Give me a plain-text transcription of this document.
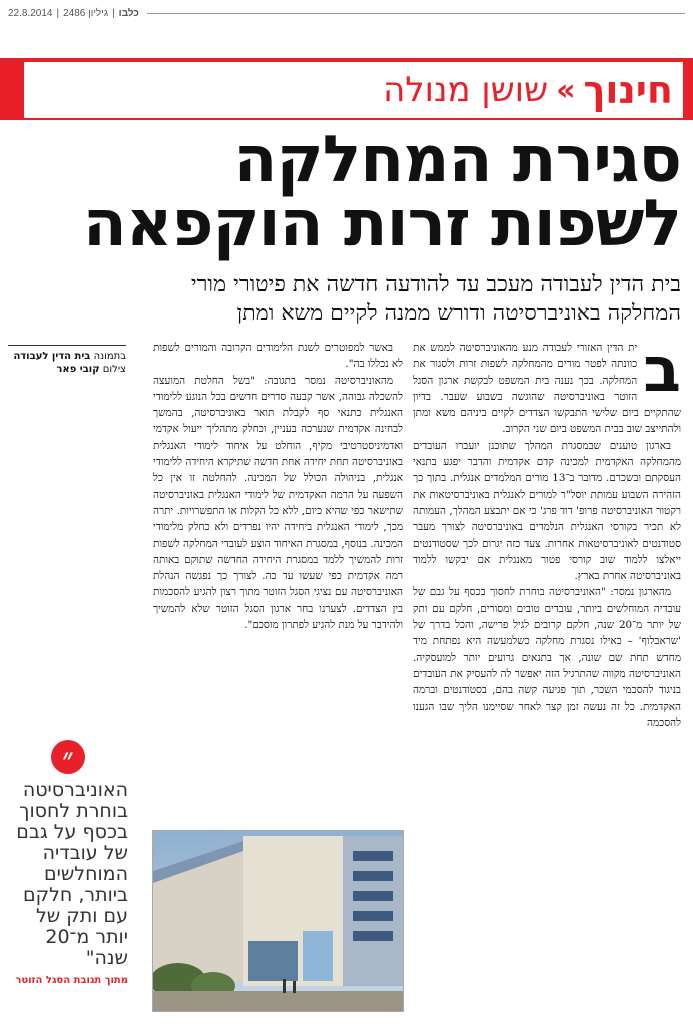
22.8.2014 | גיליון 2486 | כלבו
חינוך
»
שושן מנולה
סגירת המחלקה
לשפות זרות הוקפאה
בית הדין לעבודה מעכב עד להודעה חדשה את פיטורי מורי
המחלקה באוניברסיטה ודורש ממנה לקיים משא ומתן
ב

ית הדין האזורי לעבודה מנע מהאוניברסיטה לממש את כוונתה לפטר מורים מהמחלקה לשפות זרות ולסגור את המחלקה. בכך נענה בית המשפט לבקשת ארגון הסגל הזוטר באוניברסיטה שהוגשה בשבוע שעבר. בדיון שהתקיים ביום שלישי התבקשו הצדדים לקיים ביניהם משא ומתן ולהתייצב שוב בבית המשפט ביום שני הקרוב.

בארגון טוענים שבמסגרת המהלך שתוכנן יועברו העובדים מהמחלקה האקדמית למכינה קדם אקדמית והדבר יפגע בתנאי העסקתם ובשכרם. מדובר ב־13 מורים המלמדים אנגלית. בתוך כך הזהירה השבוע עמותת יוסל"ר למורים לאנגלית באוניברסיטאות את רקטור האוניברסיטה פרופ' דוד פרג' כי אם יתבצע המהלך, העמותה לא תכיר בקורסי האנגלית הנלמדים באוניברסיטה לצורך מעבר סטודנטים לאוניברסיטאות אחרות. צעד כזה יגרום לכך שסטודנטים ייאלצו ללמוד שוב קורסי פטור מאנגלית אם יבקשו ללמוד באוניברסיטה אחרת בארץ.

מהארגון נמסר: "האוניברסיטה בוחרת לחסוך בכסף על גבם של עובדיה המוחלשים ביותר, עובדים טובים ומסורים, חלקם עם ותק של יותר מ־20 שנה, חלקם קרובים לגיל פרישה, והכל בדרך של 'שראבלוף' – כאילו נסגרת מחלקה כשלמעשה היא נפתחת מיד מחדש תחת שם שונה, אך בתנאים גרועים יותר למועסקיה. האוניברסיטה מקווה שהתרגיל הזה יאפשר לה להעסיק את העובדים בניגוד להסכמי השכר, תוך פגיעה קשה בהם, בסטודנטים וברמה האקדמית. כל זה נעשה זמן קצר לאחר שסיימנו הליך שבו הגענו להסכמה

באשר למפוטרים לשנת הלימודים הקרובה והמורים לשפות לא נכללו בה".

מהאוניברסיטה נמסר בתגובה: "בשל החלטת המועצה להשכלה גבוהה, אשר קבעה סדרים חדשים בכל הנוגע ללימודי האנגלית כתנאי סף לקבלת תואר באוניברסיטה, בהמשך לבחינה אקדמית שנערכה בעניין, וכחלק מתהליך ייעול אקדמי ואדמיניסטרטיבי מקיף, הוחלט על איחוד לימודי האנגלית באוניברסיטה תחת יחידה אחת חדשה שתיקרא היחידה ללימודי אנגלית, בניהולה הכולל של המכינה. להחלטה זו אין כל השפעה על הרמה האקדמית של לימודי האנגלית באוניברסיטה שתישאר כפי שהיא כיום, ללא כל הקלות או התפשרויות. יתרה מכך, לימודי האנגלית ביחידה יהיו נפרדים ולא כחלק מלימודי המכינה. בנוסף, במסגרת האיחוד הוצע לעובדי המחלקה לשפות זרות להמשיך ללמד במסגרת היחידה החדשה שתוקם באותה רמה אקדמית כפי שעשו עד כה. לצורך כך נפגשה הנהלת האוניברסיטה עם נציגי הסגל הזוטר מתוך רצון להגיע להסכמות בין הצדדים. לצערנו בחר ארגון הסגל הזוטר שלא להמשיך ולהידבר על מנת להגיע לפתרון מוסכם".

בתמונה בית הדין לעבודה
צילום קובי פאר
״
האוניברסיטה בוחרת לחסוך בכסף על גבם של עובדיה המוחלשים ביותר, חלקם עם ותק של יותר מ־20 שנה"
מתוך תגובת הסגל הזוטר
